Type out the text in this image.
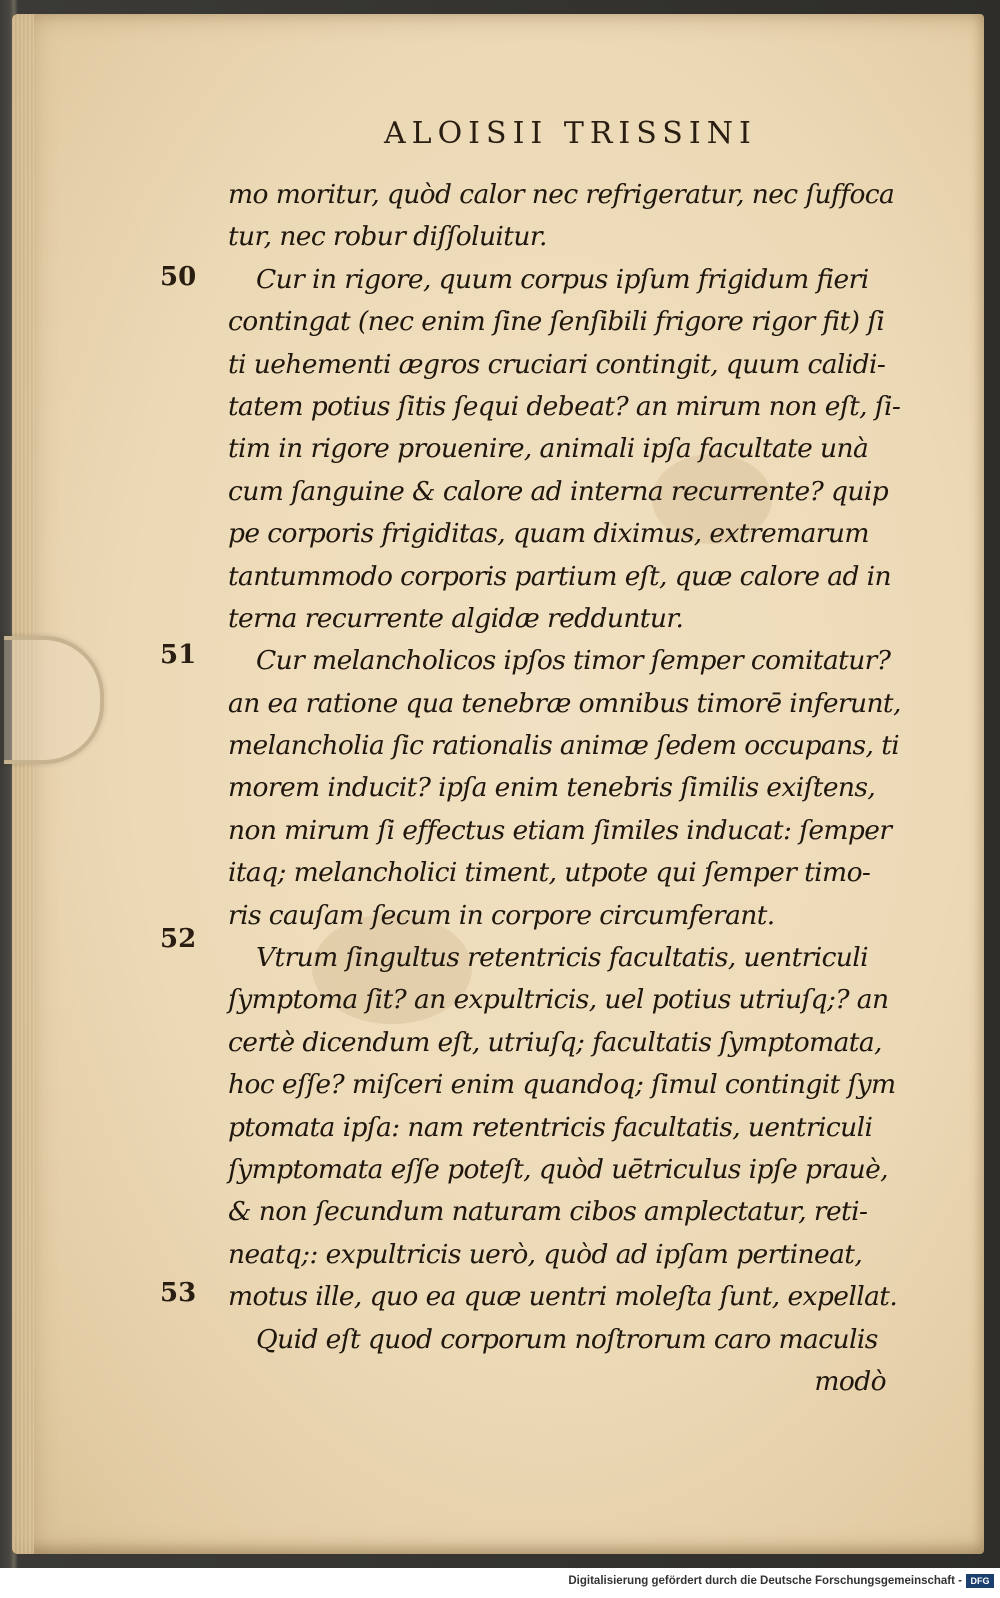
ALOISII TRISSINI
50
51
52
53
mo moritur, quòd calor nec refrigeratur, nec ſuffoca
tur, nec robur diſſoluitur.
Cur in rigore, quum corpus ipſum frigidum fieri
contingat (nec enim ſine ſenſibili frigore rigor fit) ſi
ti uehementi ægros cruciari contingit, quum calidi-
tatem potius ſitis ſequi debeat? an mirum non eſt, ſi-
tim in rigore prouenire, animali ipſa facultate unà
cum ſanguine & calore ad interna recurrente? quip
pe corporis frigiditas, quam diximus, extremarum
tantummodo corporis partium eſt, quæ calore ad in
terna recurrente algidæ redduntur.
Cur melancholicos ipſos timor ſemper comitatur?
an ea ratione qua tenebræ omnibus timorē inferunt,
melancholia ſic rationalis animæ ſedem occupans, ti
morem inducit? ipſa enim tenebris ſimilis exiſtens,
non mirum ſi effectus etiam ſimiles inducat: ſemper
itaq; melancholici timent, utpote qui ſemper timo-
ris cauſam ſecum in corpore circumferant.
Vtrum ſingultus retentricis facultatis, uentriculi
ſymptoma ſit? an expultricis, uel potius utriuſq;? an
certè dicendum eſt, utriuſq; facultatis ſymptomata,
hoc eſſe? miſceri enim quandoq; ſimul contingit ſym
ptomata ipſa: nam retentricis facultatis, uentriculi
ſymptomata eſſe poteſt, quòd uētriculus ipſe prauè,
& non ſecundum naturam cibos amplectatur, reti-
neatq;: expultricis uerò, quòd ad ipſam pertineat,
motus ille, quo ea quæ uentri moleſta ſunt, expellat.
Quid eſt quod corporum noſtrorum caro maculis
modò
Digitalisierung gefördert durch die Deutsche Forschungsgemeinschaft - DFG
